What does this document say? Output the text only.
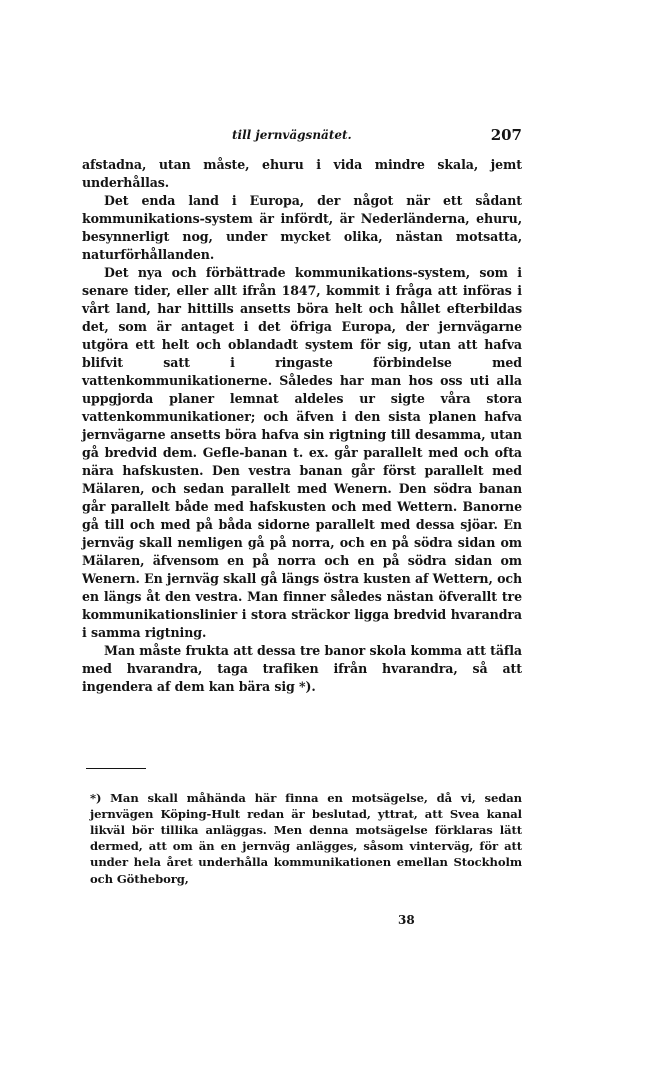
till jernvägsnätet.	207

afstadna, utan måste, ehuru i vida mindre skala, jemt underhållas.

Det enda land i Europa, der något när ett sådant kommunikations-system är infördt, är Nederländerna, ehuru, besynnerligt nog, under mycket olika, nästan motsatta, naturförhållanden.

Det nya och förbättrade kommunikations-system, som i senare tider, eller allt ifrån 1847, kommit i fråga att införas i vårt land, har hittills ansetts böra helt och hållet efterbildas det, som är antaget i det öfriga Europa, der jernvägarne utgöra ett helt och oblandadt system för sig, utan att hafva blifvit satt i ringaste förbindelse med vattenkommunikationerne. Således har man hos oss uti alla uppgjorda planer lemnat aldeles ur sigte våra stora vattenkommunikationer; och äfven i den sista planen hafva jernvägarne ansetts böra hafva sin rigtning till desamma, utan gå bredvid dem. Gefle-banan t. ex. går parallelt med och ofta nära hafskusten. Den vestra banan går först parallelt med Mälaren, och sedan parallelt med Wenern. Den södra banan går parallelt både med hafskusten och med Wettern. Banorne gå till och med på båda sidorne parallelt med dessa sjöar. En jernväg skall nemligen gå på norra, och en på södra sidan om Mälaren, äfvensom en på norra och en på södra sidan om Wenern. En jernväg skall gå längs östra kusten af Wettern, och en längs åt den vestra. Man finner således nästan öfverallt tre kommunikationslinier i stora sträckor ligga bredvid hvarandra i samma rigtning.

Man måste frukta att dessa tre banor skola komma att täfla med hvarandra, taga trafiken ifrån hvarandra, så att ingendera af dem kan bära sig *).

*) Man skall måhända här finna en motsägelse, då vi, sedan jernvägen Köping-Hult redan är beslutad, yttrat, att Svea kanal likväl bör tillika anläggas. Men denna motsägelse förklaras lätt dermed, att om än en jernväg anlägges, såsom vinterväg, för att under hela året underhålla kommunikationen emellan Stockholm och Götheborg,

38
